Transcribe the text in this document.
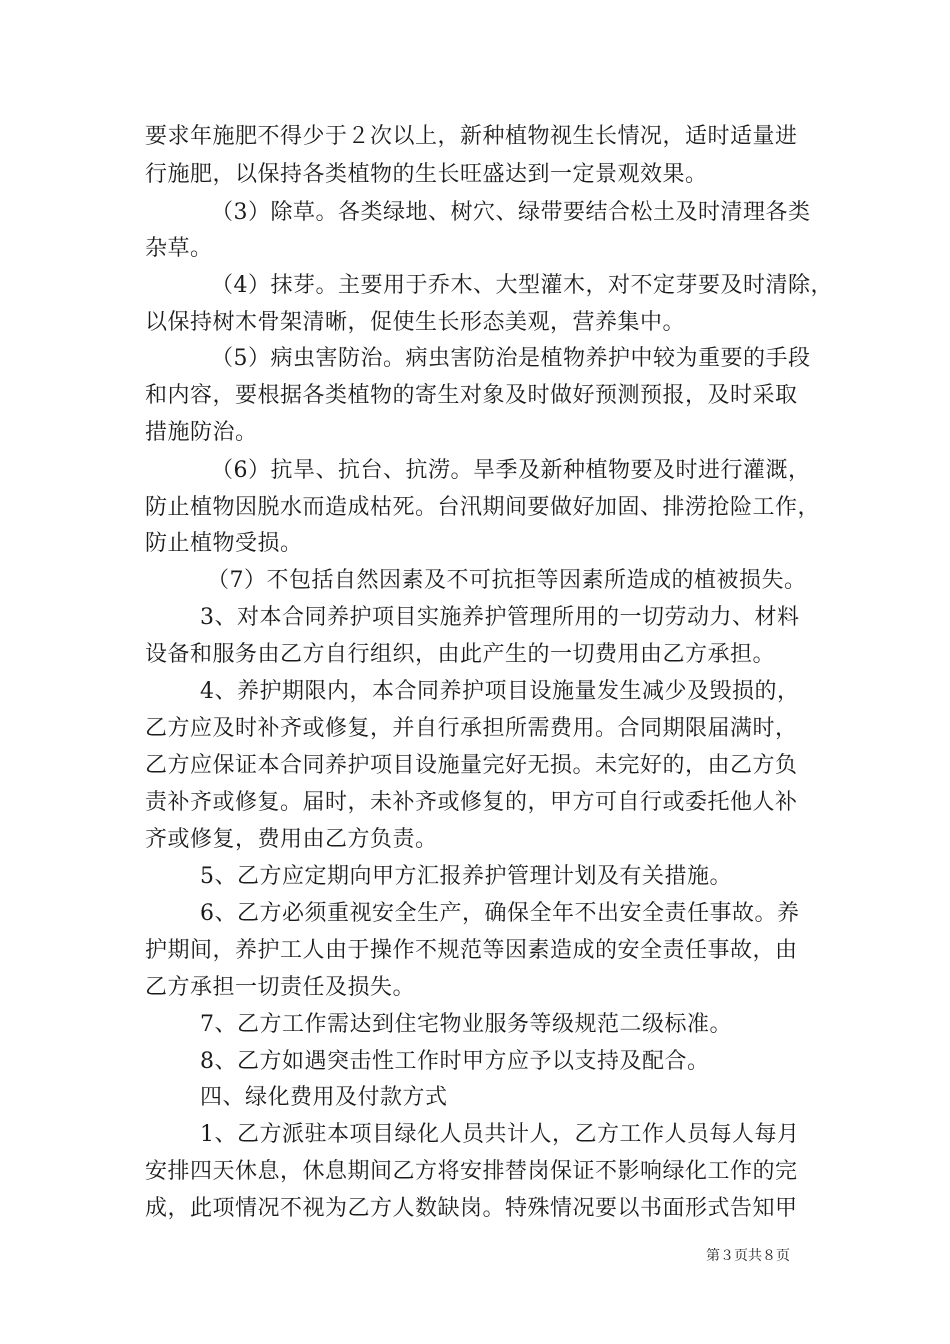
要求年施肥不得少于２次以上，新种植物视生长情况，适时适量进
行施肥，以保持各类植物的生长旺盛达到一定景观效果。
（3）除草。各类绿地、树穴、绿带要结合松土及时清理各类
杂草。
（4）抹芽。主要用于乔木、大型灌木，对不定芽要及时清除，
以保持树木骨架清晰，促使生长形态美观，营养集中。
（5）病虫害防治。病虫害防治是植物养护中较为重要的手段
和内容，要根据各类植物的寄生对象及时做好预测预报，及时采取
措施防治。
（6）抗旱、抗台、抗涝。旱季及新种植物要及时进行灌溉，
防止植物因脱水而造成枯死。台汛期间要做好加固、排涝抢险工作，
防止植物受损。
（7）不包括自然因素及不可抗拒等因素所造成的植被损失。
3、对本合同养护项目实施养护管理所用的一切劳动力、材料
设备和服务由乙方自行组织，由此产生的一切费用由乙方承担。
4、养护期限内，本合同养护项目设施量发生减少及毁损的，
乙方应及时补齐或修复，并自行承担所需费用。合同期限届满时，
乙方应保证本合同养护项目设施量完好无损。未完好的，由乙方负
责补齐或修复。届时，未补齐或修复的，甲方可自行或委托他人补
齐或修复，费用由乙方负责。
5、乙方应定期向甲方汇报养护管理计划及有关措施。
6、乙方必须重视安全生产，确保全年不出安全责任事故。养
护期间，养护工人由于操作不规范等因素造成的安全责任事故，由
乙方承担一切责任及损失。
7、乙方工作需达到住宅物业服务等级规范二级标准。
8、乙方如遇突击性工作时甲方应予以支持及配合。
四、绿化费用及付款方式
1、乙方派驻本项目绿化人员共计人，乙方工作人员每人每月
安排四天休息，休息期间乙方将安排替岗保证不影响绿化工作的完
成，此项情况不视为乙方人数缺岗。特殊情况要以书面形式告知甲
第３页共８页
